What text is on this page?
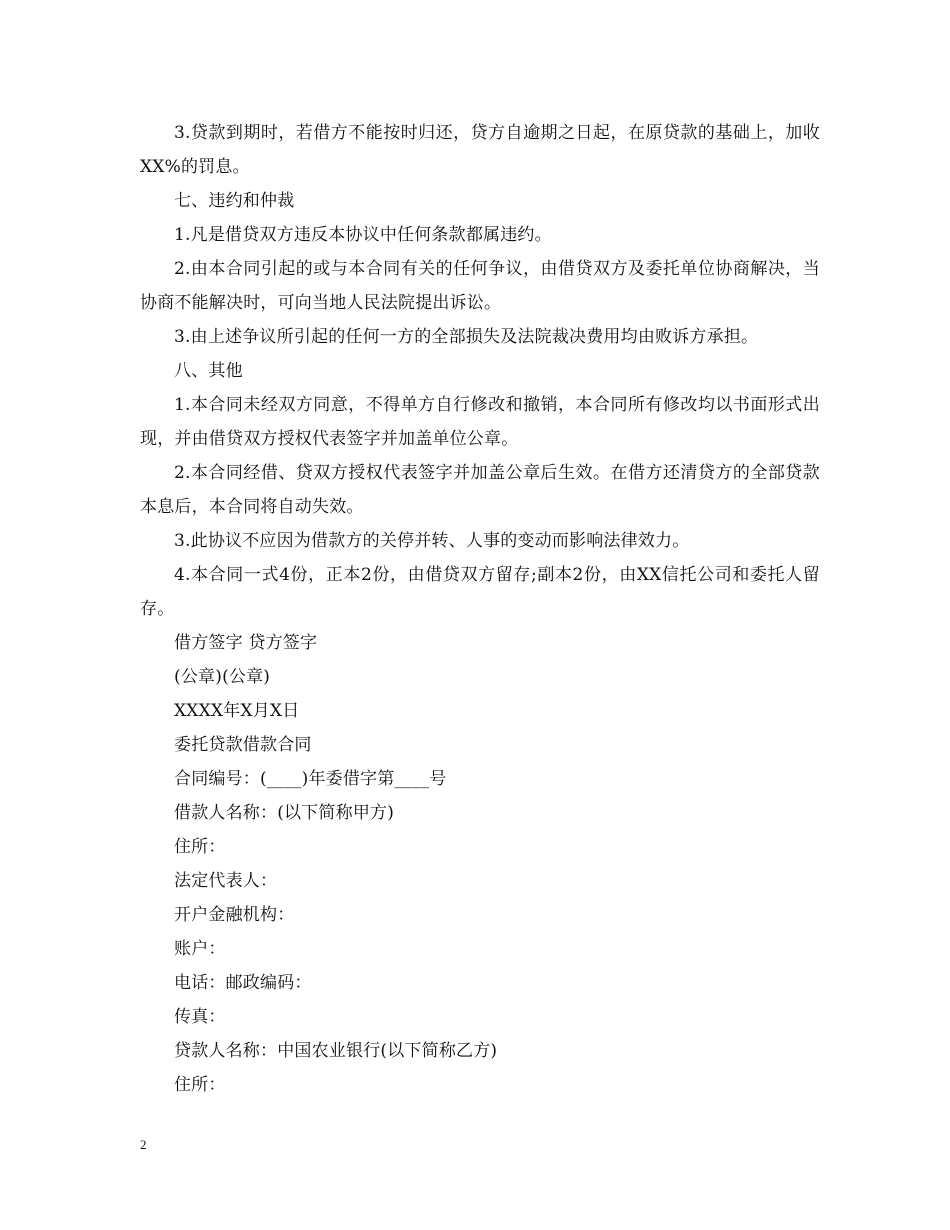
3.贷款到期时，若借方不能按时归还，贷方自逾期之日起，在原贷款的基础上，加收XX%的罚息。

七、违约和仲裁

1.凡是借贷双方违反本协议中任何条款都属违约。

2.由本合同引起的或与本合同有关的任何争议，由借贷双方及委托单位协商解决，当协商不能解决时，可向当地人民法院提出诉讼。

3.由上述争议所引起的任何一方的全部损失及法院裁决费用均由败诉方承担。

八、其他

1.本合同未经双方同意，不得单方自行修改和撤销，本合同所有修改均以书面形式出现，并由借贷双方授权代表签字并加盖单位公章。

2.本合同经借、贷双方授权代表签字并加盖公章后生效。在借方还清贷方的全部贷款本息后，本合同将自动失效。

3.此协议不应因为借款方的关停并转、人事的变动而影响法律效力。

4.本合同一式4份，正本2份，由借贷双方留存;副本2份，由XX信托公司和委托人留存。

借方签字 贷方签字

(公章)(公章)

XXXX年X月X日

委托贷款借款合同

合同编号：(____)年委借字第____号

借款人名称：(以下简称甲方)

住所：

法定代表人：

开户金融机构：

账户：

电话：邮政编码：

传真：

贷款人名称：中国农业银行(以下简称乙方)

住所：

2
